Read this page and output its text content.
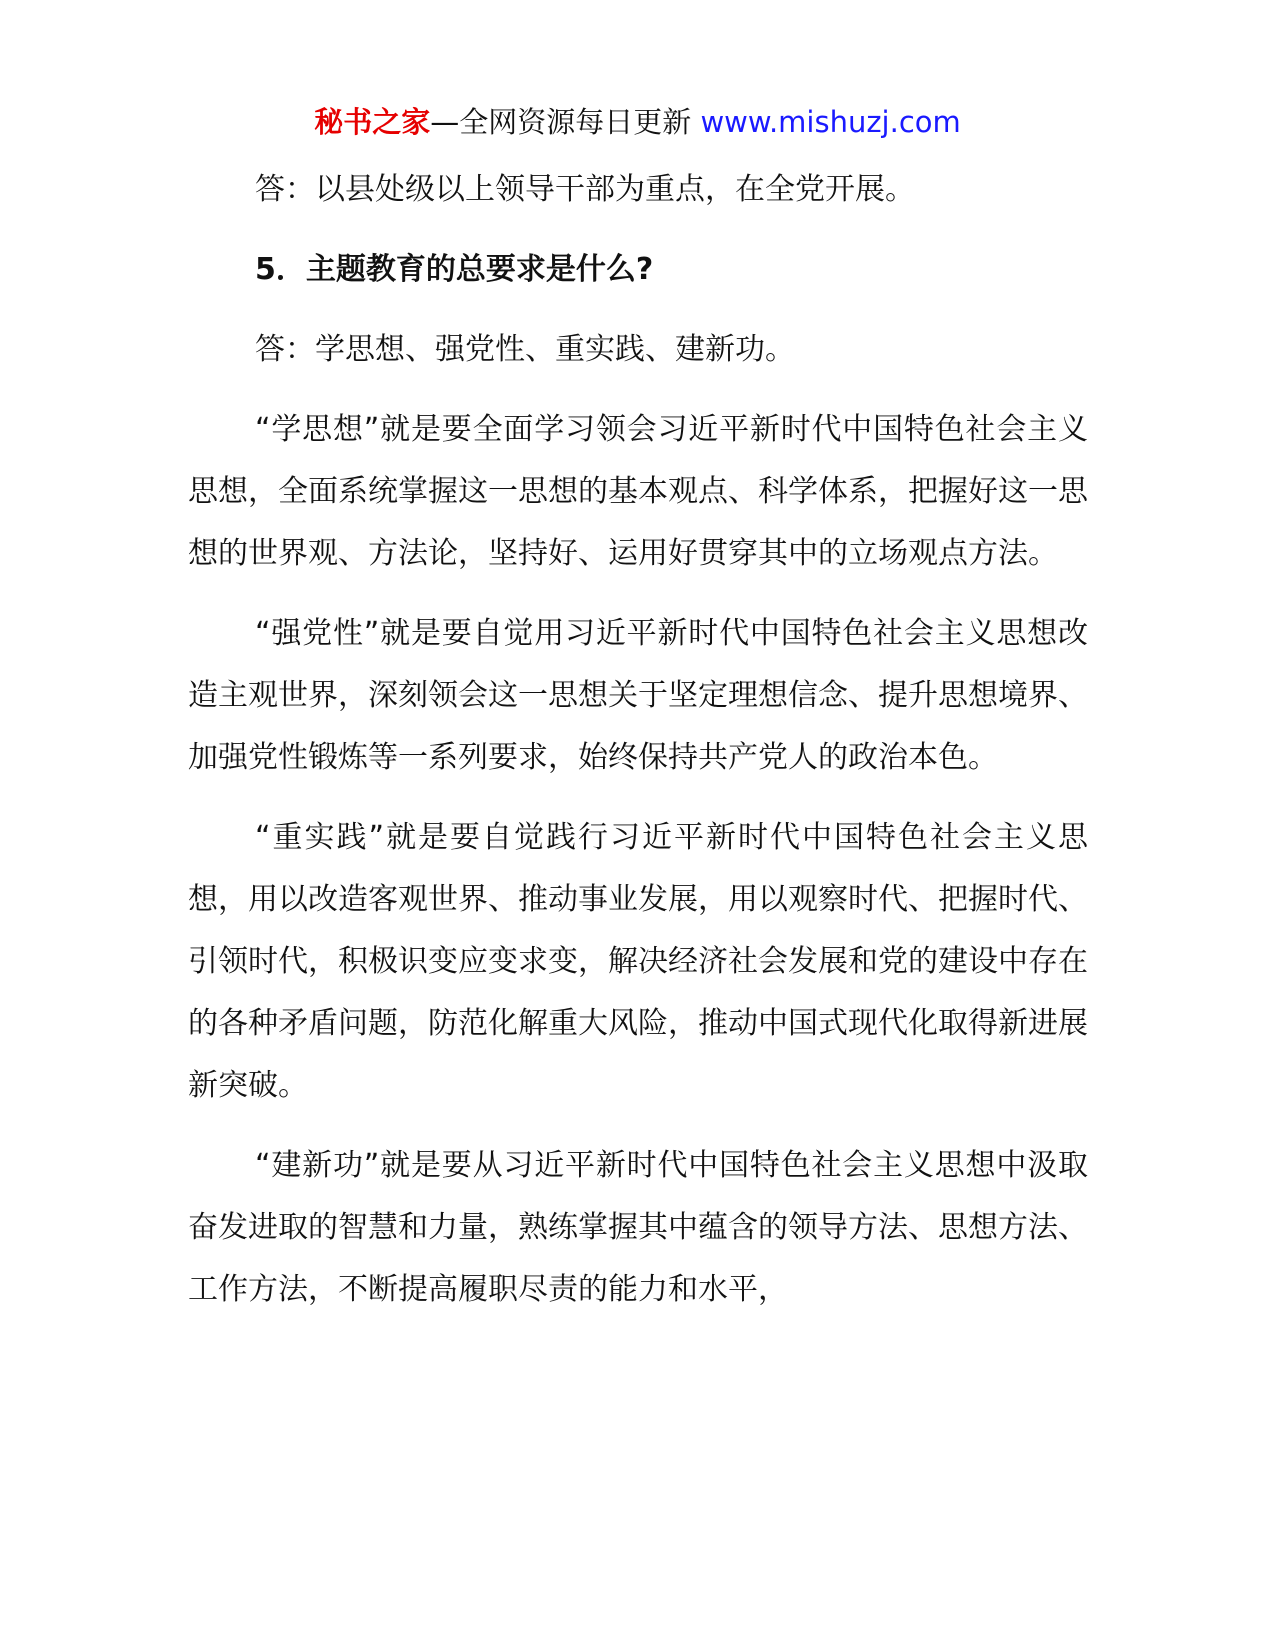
秘书之家—全网资源每日更新 www.mishuzj.com

答：以县处级以上领导干部为重点，在全党开展。

5．主题教育的总要求是什么?

答：学思想、强党性、重实践、建新功。

“学思想”就是要全面学习领会习近平新时代中国特色社会主义思想，全面系统掌握这一思想的基本观点、科学体系，把握好这一思想的世界观、方法论，坚持好、运用好贯穿其中的立场观点方法。

“强党性”就是要自觉用习近平新时代中国特色社会主义思想改造主观世界，深刻领会这一思想关于坚定理想信念、提升思想境界、加强党性锻炼等一系列要求，始终保持共产党人的政治本色。

“重实践”就是要自觉践行习近平新时代中国特色社会主义思想，用以改造客观世界、推动事业发展，用以观察时代、把握时代、引领时代，积极识变应变求变，解决经济社会发展和党的建设中存在的各种矛盾问题，防范化解重大风险，推动中国式现代化取得新进展新突破。

“建新功”就是要从习近平新时代中国特色社会主义思想中汲取奋发进取的智慧和力量，熟练掌握其中蕴含的领导方法、思想方法、工作方法，不断提高履职尽责的能力和水平，
